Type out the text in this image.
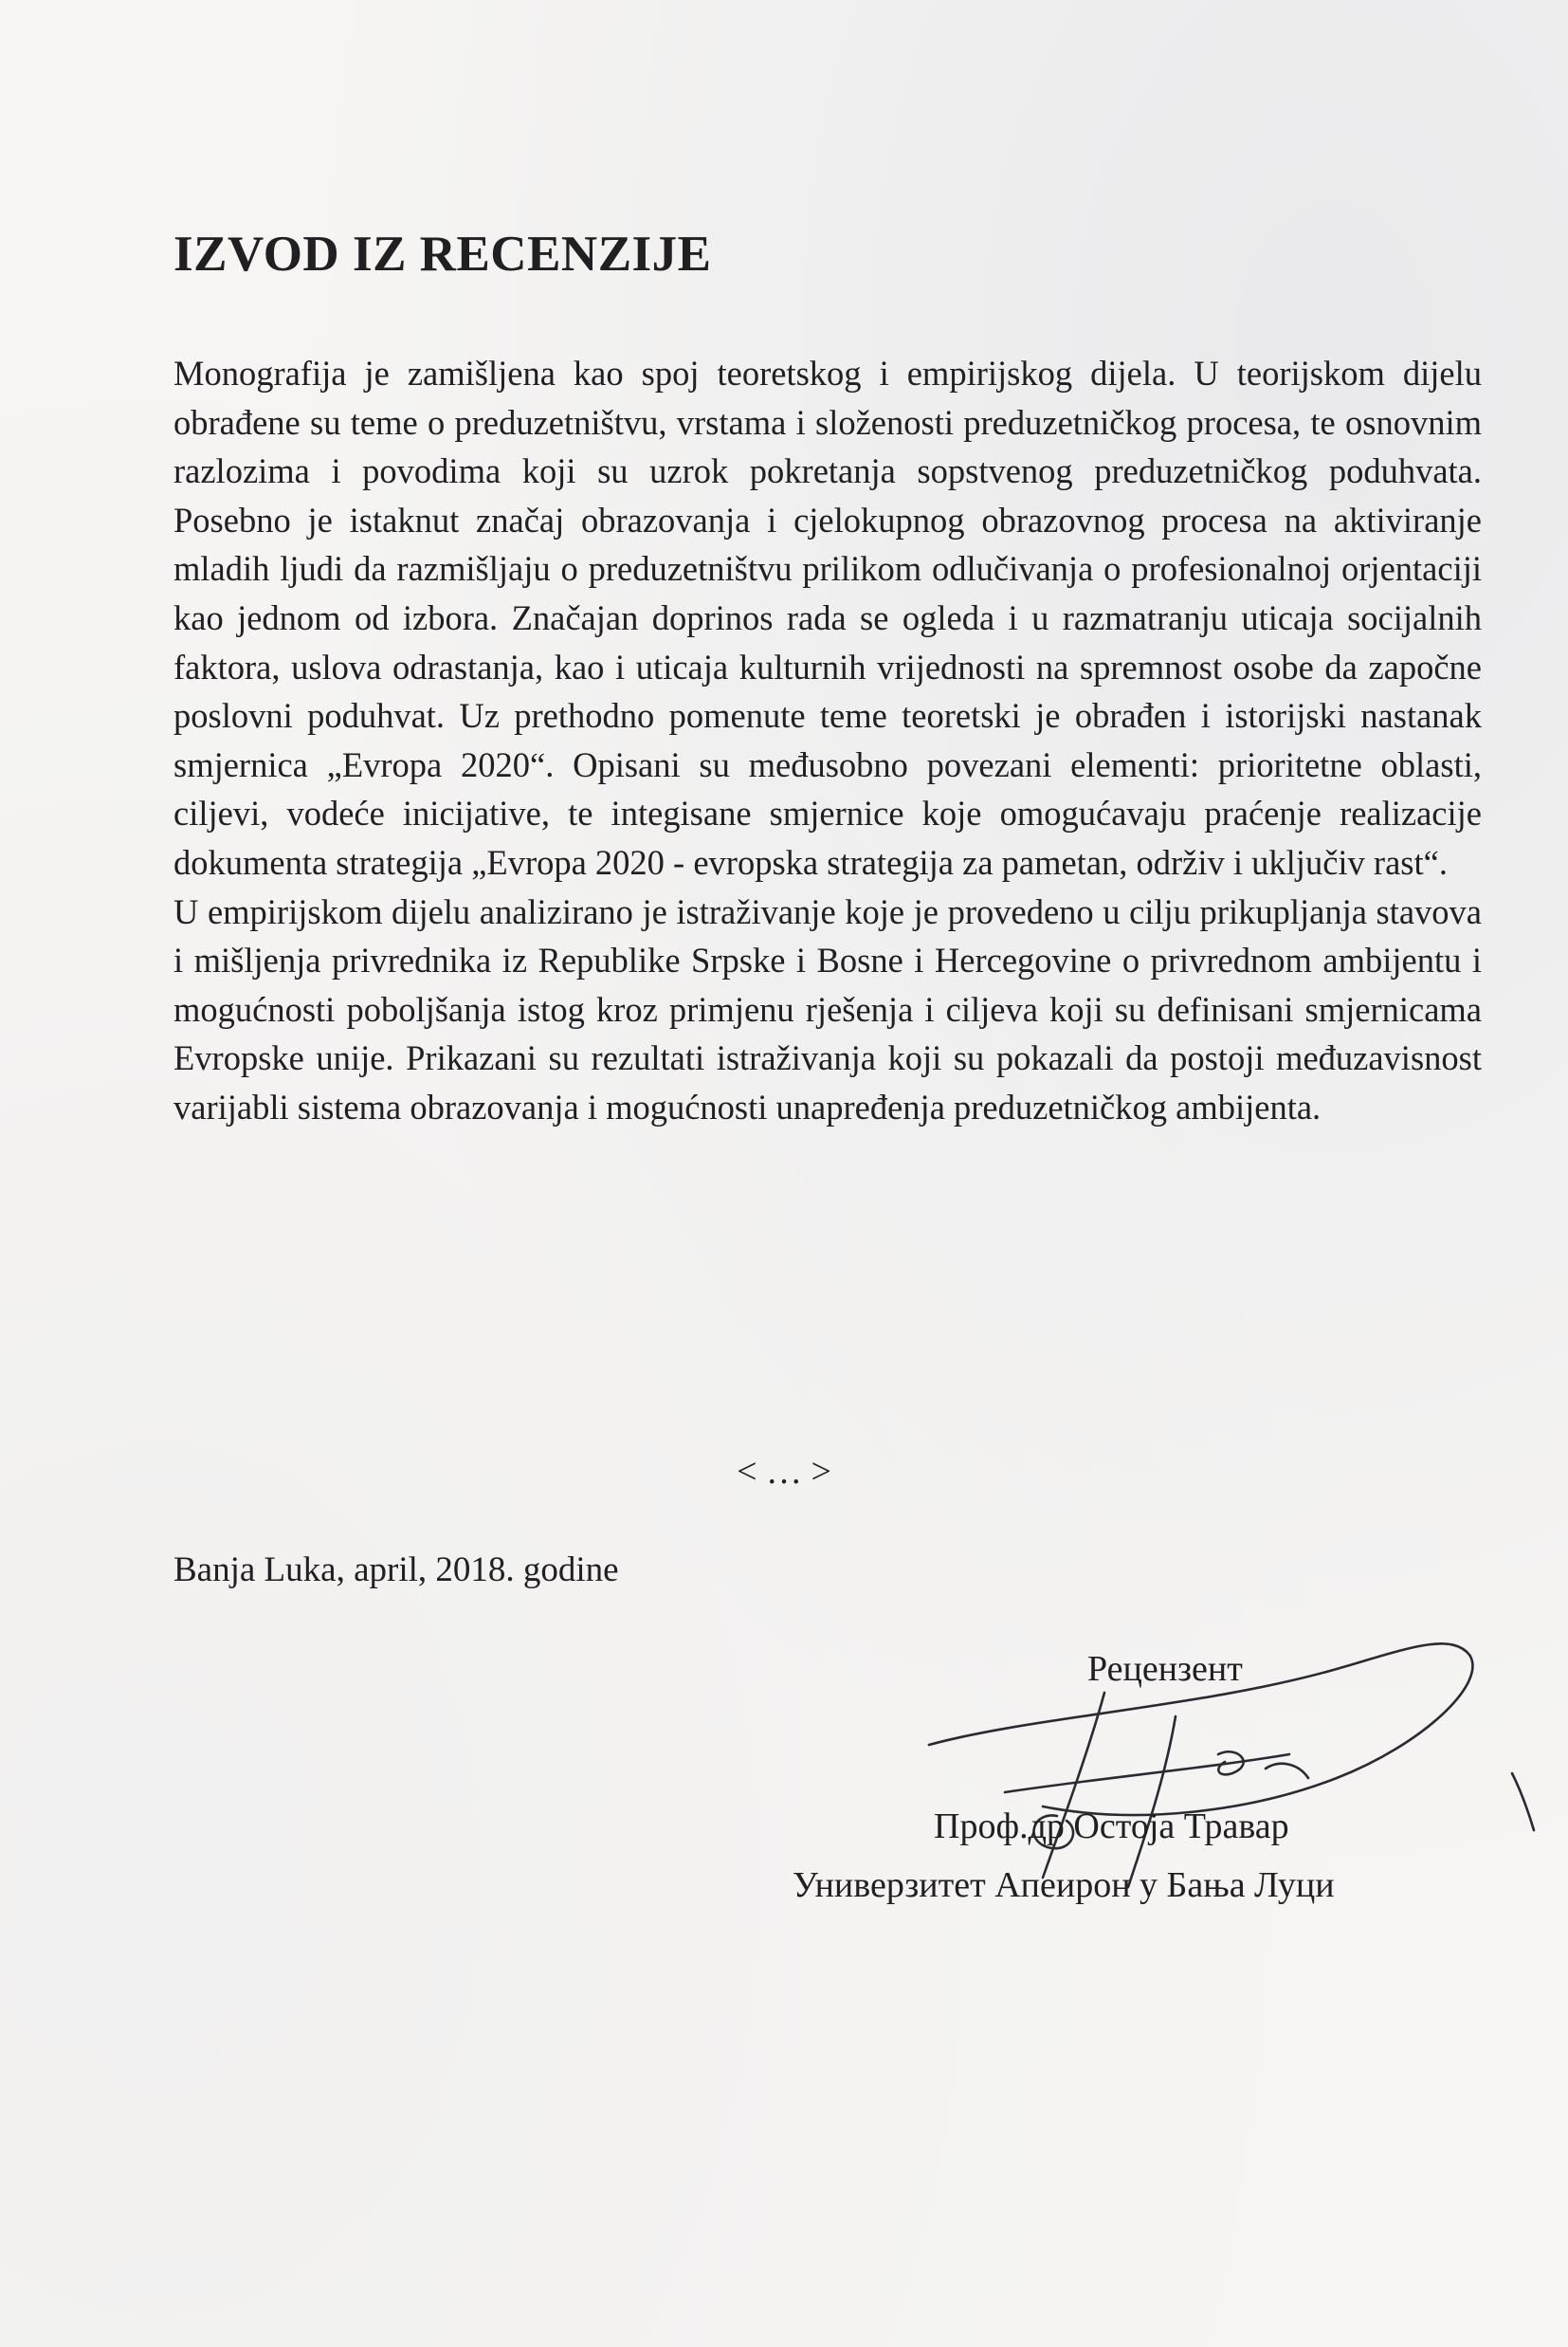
IZVOD IZ RECENZIJE

Monografija je zamišljena kao spoj teoretskog i empirijskog dijela. U teorijskom dijelu obrađene su teme o preduzetništvu, vrstama i složenosti preduzetničkog procesa, te osnovnim razlozima i povodima koji su uzrok pokretanja sopstvenog preduzetničkog poduhvata. Posebno je istaknut značaj obrazovanja i cjelokupnog obrazovnog procesa na aktiviranje mladih ljudi da razmišljaju o preduzetništvu prilikom odlučivanja o profesionalnoj orjentaciji kao jednom od izbora. Značajan doprinos rada se ogleda i u razmatranju uticaja socijalnih faktora, uslova odrastanja, kao i uticaja kulturnih vrijednosti na spremnost osobe da započne poslovni poduhvat. Uz prethodno pomenute teme teoretski je obrađen i istorijski nastanak smjernica „Evropa 2020“. Opisani su međusobno povezani elementi: prioritetne oblasti, ciljevi, vodeće inicijative, te integisane smjernice koje omogućavaju praćenje realizacije dokumenta strategija „Evropa 2020 - evropska strategija za pametan, održiv i uključiv rast“.

U empirijskom dijelu analizirano je istraživanje koje je provedeno u cilju prikupljanja stavova i mišljenja privrednika iz Republike Srpske i Bosne i Hercegovine o privrednom ambijentu i mogućnosti poboljšanja istog kroz primjenu rješenja i ciljeva koji su definisani smjernicama Evropske unije. Prikazani su rezultati istraživanja koji su pokazali da postoji međuzavisnost varijabli sistema obrazovanja i mogućnosti unapređenja preduzetničkog ambijenta.

< … >
Banja Luka, april, 2018. godine
Рецензент
Проф.др Остоја Травар
Универзитет Апеирон у Бањa Луци
